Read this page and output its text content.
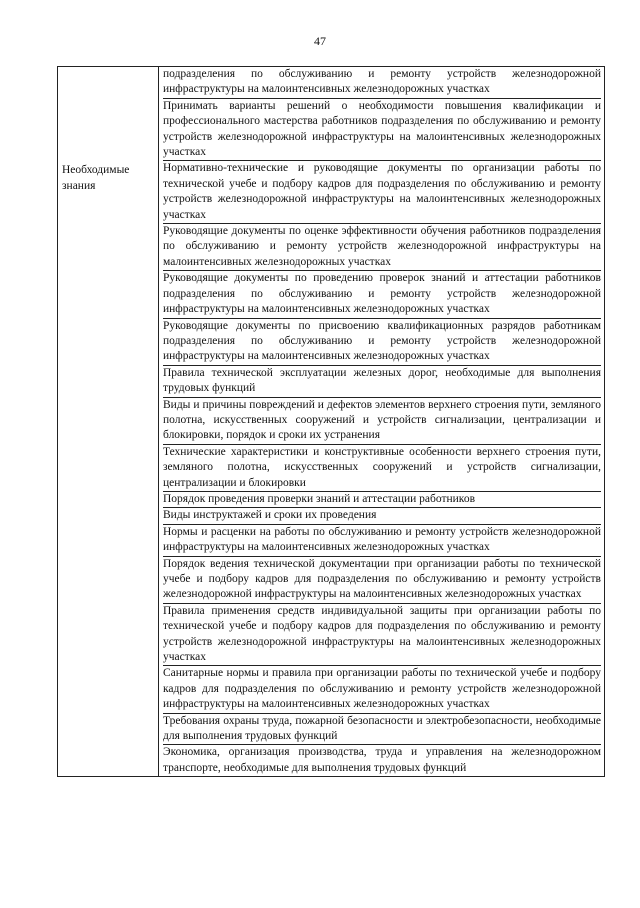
47
подразделения по обслуживанию и ремонту устройств железнодорожной инфраструктуры на малоинтенсивных железнодорожных участках
Принимать варианты решений о необходимости повышения квалификации и профессионального мастерства работников подразделения по обслуживанию и ремонту устройств железнодорожной инфраструктуры на малоинтенсивных железнодорожных участках
Необходимые знания
Нормативно-технические и руководящие документы по организации работы по технической учебе и подбору кадров для подразделения по обслуживанию и ремонту устройств железнодорожной инфраструктуры на малоинтенсивных железнодорожных участках
Руководящие документы по оценке эффективности обучения работников подразделения по обслуживанию и ремонту устройств железнодорожной инфраструктуры на малоинтенсивных железнодорожных участках
Руководящие документы по проведению проверок знаний и аттестации работников подразделения по обслуживанию и ремонту устройств железнодорожной инфраструктуры на малоинтенсивных железнодорожных участках
Руководящие документы по присвоению квалификационных разрядов работникам подразделения по обслуживанию и ремонту устройств железнодорожной инфраструктуры на малоинтенсивных железнодорожных участках
Правила технической эксплуатации железных дорог, необходимые для выполнения трудовых функций
Виды и причины повреждений и дефектов элементов верхнего строения пути, земляного полотна, искусственных сооружений и устройств сигнализации, централизации и блокировки, порядок и сроки их устранения
Технические характеристики и конструктивные особенности верхнего строения пути, земляного полотна, искусственных сооружений и устройств сигнализации, централизации и блокировки
Порядок проведения проверки знаний и аттестации работников
Виды инструктажей и сроки их проведения
Нормы и расценки на работы по обслуживанию и ремонту устройств железнодорожной инфраструктуры на малоинтенсивных железнодорожных участках
Порядок ведения технической документации при организации работы по технической учебе и подбору кадров для подразделения по обслуживанию и ремонту устройств железнодорожной инфраструктуры на малоинтенсивных железнодорожных участках
Правила применения средств индивидуальной защиты при организации работы по технической учебе и подбору кадров для подразделения по обслуживанию и ремонту устройств железнодорожной инфраструктуры на малоинтенсивных железнодорожных участках
Санитарные нормы и правила при организации работы по технической учебе и подбору кадров для подразделения по обслуживанию и ремонту устройств железнодорожной инфраструктуры на малоинтенсивных железнодорожных участках
Требования охраны труда, пожарной безопасности и электробезопасности, необходимые для выполнения трудовых функций
Экономика, организация производства, труда и управления на железнодорожном транспорте, необходимые для выполнения трудовых функций
